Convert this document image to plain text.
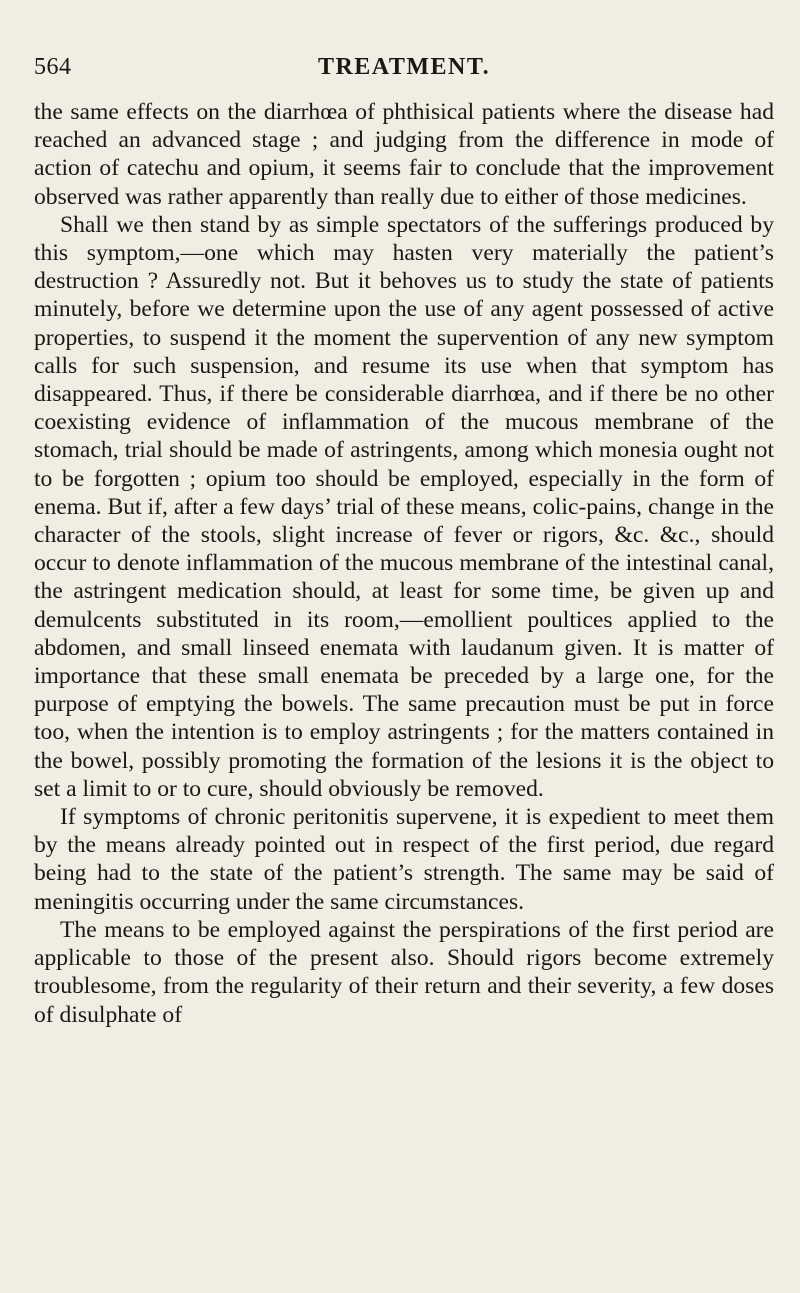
564	TREATMENT.

the same effects on the diarrhœa of phthisical patients where the disease had reached an advanced stage ; and judging from the difference in mode of action of catechu and opium, it seems fair to conclude that the improvement observed was rather apparently than really due to either of those medicines.

Shall we then stand by as simple spectators of the sufferings produced by this symptom,—one which may hasten very materially the patient’s destruction ? Assuredly not. But it behoves us to study the state of patients minutely, before we determine upon the use of any agent possessed of active properties, to suspend it the moment the supervention of any new symptom calls for such suspension, and resume its use when that symptom has disappeared. Thus, if there be considerable diarrhœa, and if there be no other coexisting evidence of inflammation of the mucous membrane of the stomach, trial should be made of astringents, among which monesia ought not to be forgotten ; opium too should be employed, especially in the form of enema. But if, after a few days’ trial of these means, colic-pains, change in the character of the stools, slight increase of fever or rigors, &c. &c., should occur to denote inflammation of the mucous membrane of the intestinal canal, the astringent medication should, at least for some time, be given up and demulcents substituted in its room,—emollient poultices applied to the abdomen, and small linseed enemata with laudanum given. It is matter of importance that these small enemata be preceded by a large one, for the purpose of emptying the bowels. The same precaution must be put in force too, when the intention is to employ astringents ; for the matters contained in the bowel, possibly promoting the formation of the lesions it is the object to set a limit to or to cure, should obviously be removed.

If symptoms of chronic peritonitis supervene, it is expedient to meet them by the means already pointed out in respect of the first period, due regard being had to the state of the patient’s strength. The same may be said of meningitis occurring under the same circumstances.

The means to be employed against the perspirations of the first period are applicable to those of the present also. Should rigors become extremely troublesome, from the regularity of their return and their severity, a few doses of disulphate of
